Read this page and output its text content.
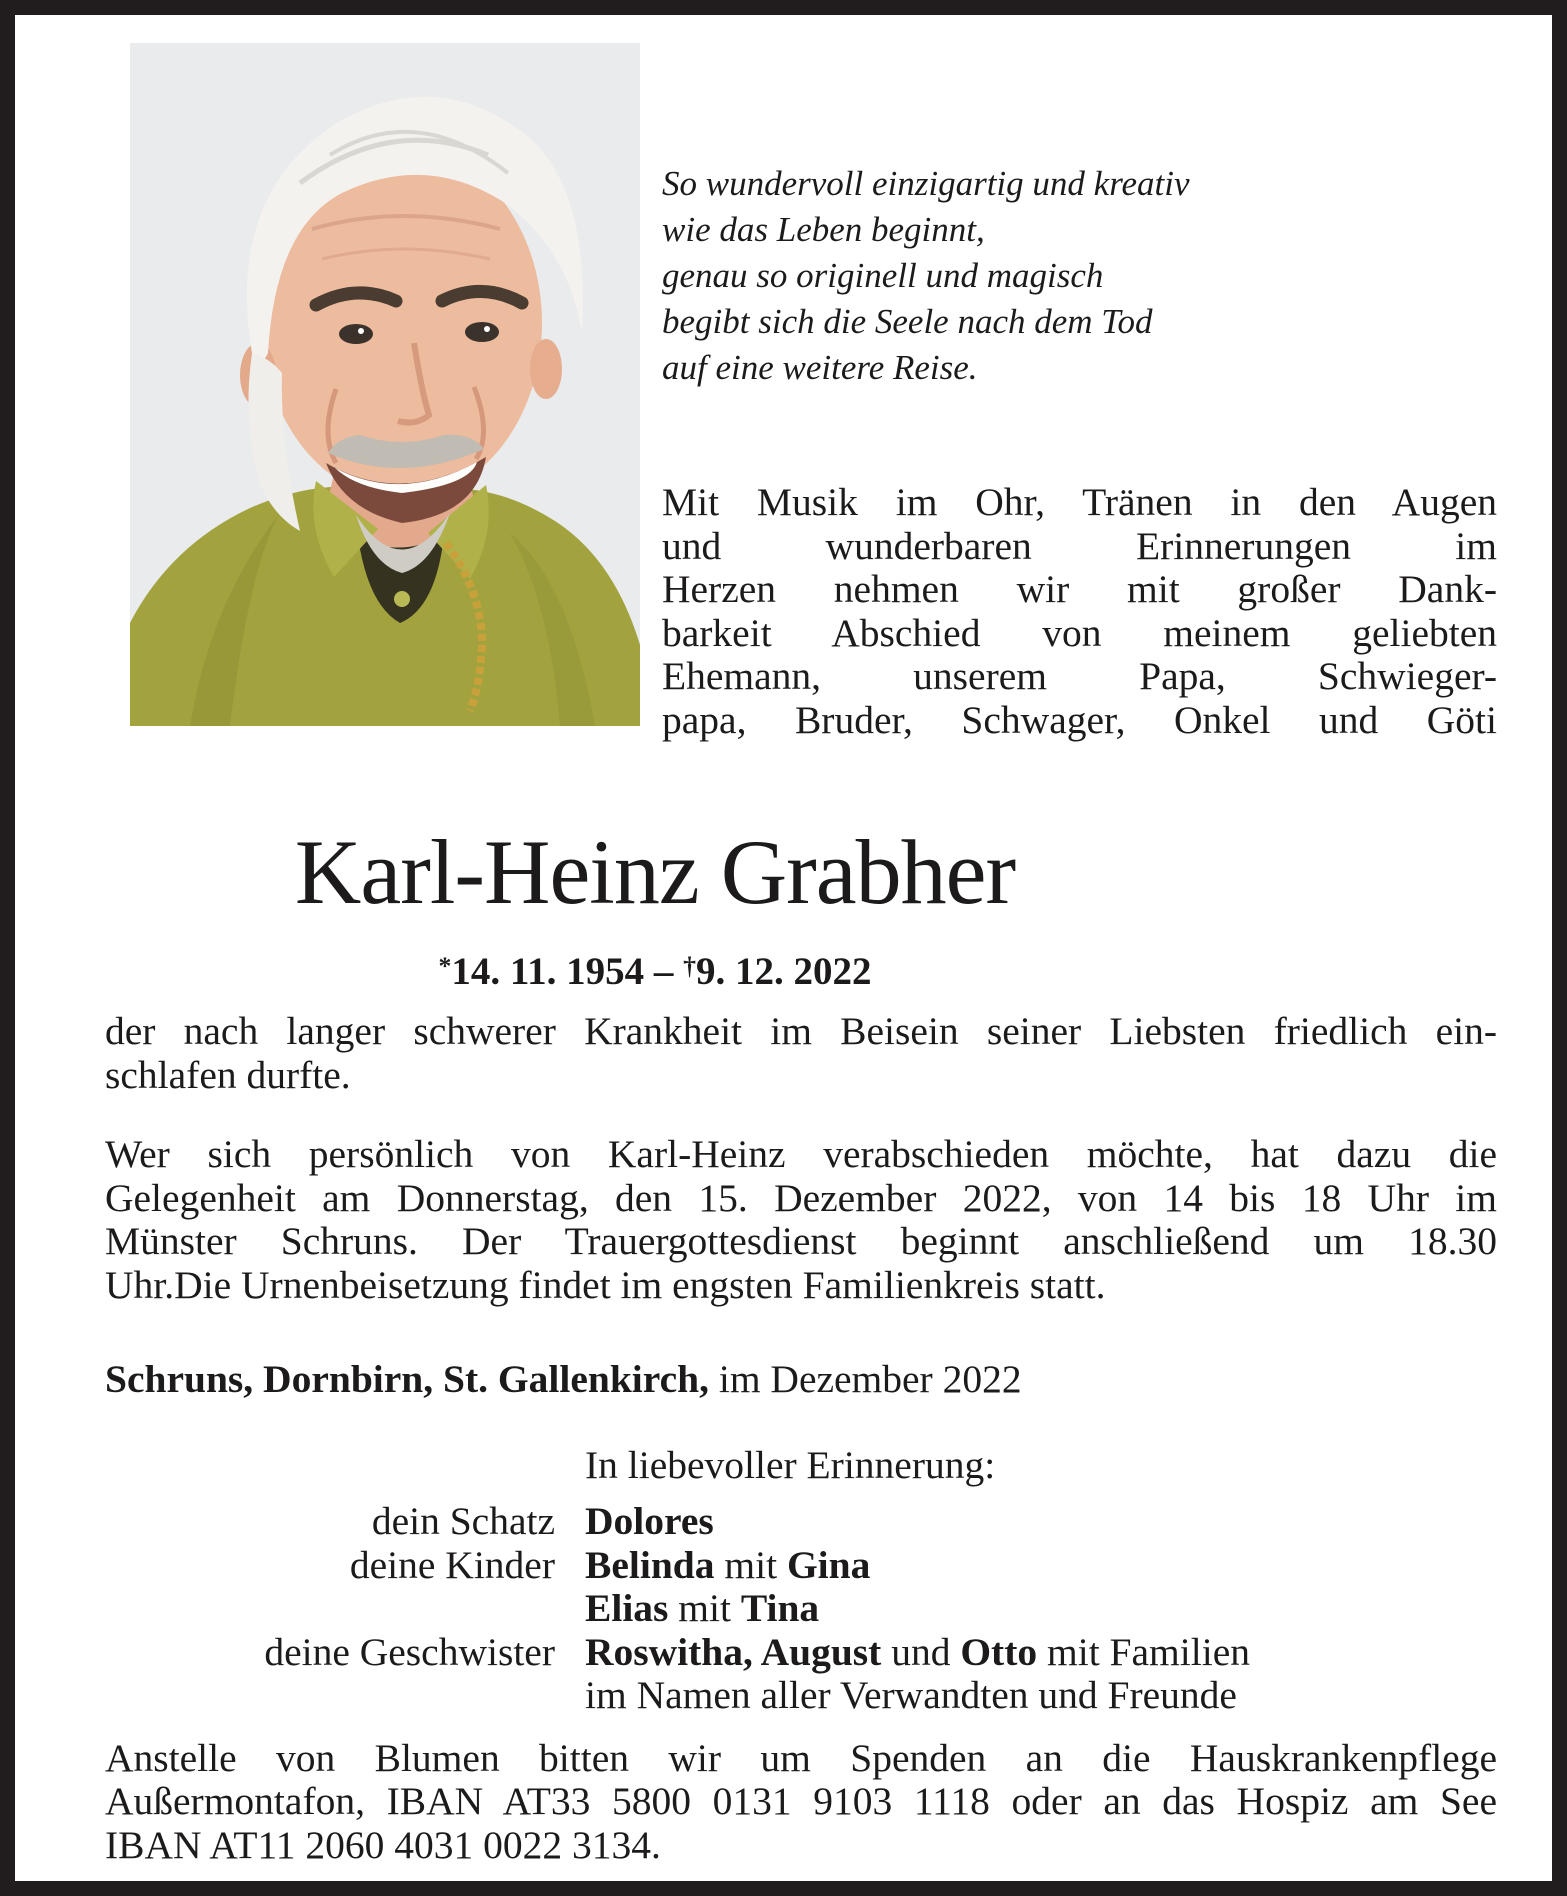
So wundervoll einzigartig und kreativ
wie das Leben beginnt,
genau so originell und magisch
begibt sich die Seele nach dem Tod
auf eine weitere Reise.
Mit Musik im Ohr, Tränen in den Augen
und wunderbaren Erinnerungen im
Herzen nehmen wir mit großer Dank-
barkeit Abschied von meinem geliebten
Ehemann, unserem Papa, Schwieger-
papa, Bruder, Schwager, Onkel und Göti
Karl-Heinz Grabher
*14. 11. 1954 – †9. 12. 2022
der nach langer schwerer Krankheit im Beisein seiner Liebsten friedlich ein-
schlafen durfte.
Wer sich persönlich von Karl-Heinz verabschieden möchte, hat dazu die
Gelegenheit am Donnerstag, den 15. Dezember 2022, von 14 bis 18 Uhr im
Münster Schruns. Der Trauergottesdienst beginnt anschließend um 18.30
Uhr.Die Urnenbeisetzung findet im engsten Familienkreis statt.
Schruns, Dornbirn, St. Gallenkirch, im Dezember 2022
In liebevoller Erinnerung:
dein Schatz Dolores
deine Kinder Belinda mit Gina
Elias mit Tina
deine Geschwister Roswitha, August und Otto mit Familien
im Namen aller Verwandten und Freunde
Anstelle von Blumen bitten wir um Spenden an die Hauskrankenpflege
Außermontafon, IBAN AT33 5800 0131 9103 1118 oder an das Hospiz am See
IBAN AT11 2060 4031 0022 3134.
